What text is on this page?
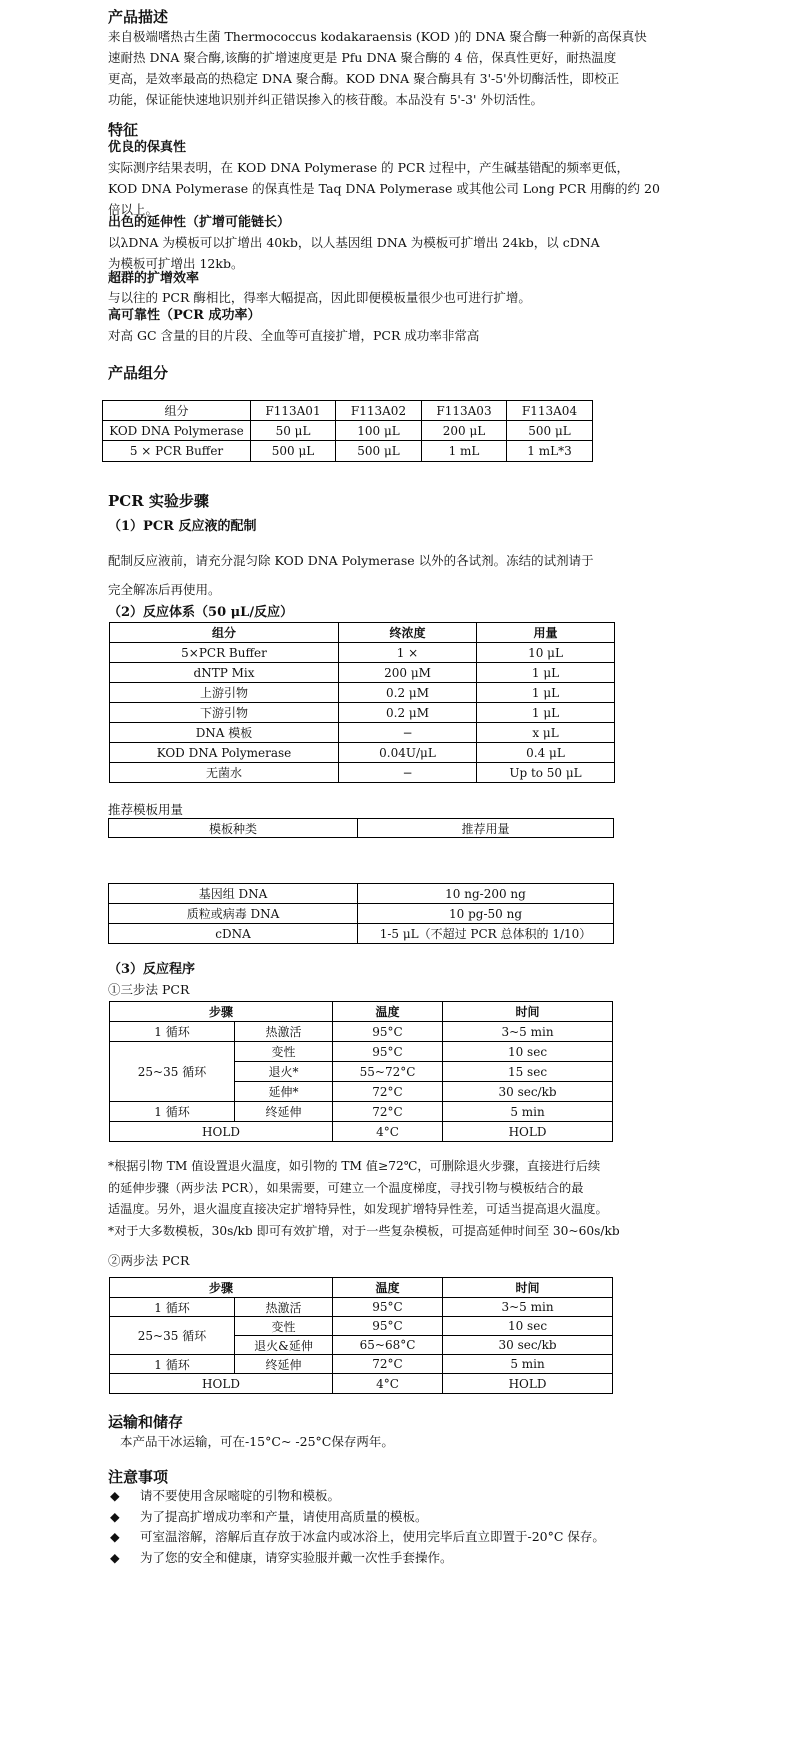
产品描述
来自极端嗜热古生菌 Thermococcus kodakaraensis (KOD )的 DNA 聚合酶一种新的高保真快
速耐热 DNA 聚合酶,该酶的扩增速度更是 Pfu DNA 聚合酶的 4 倍，保真性更好，耐热温度
更高，是效率最高的热稳定 DNA 聚合酶。KOD DNA 聚合酶具有 3'-5'外切酶活性，即校正
功能，保证能快速地识别并纠正错误掺入的核苷酸。本品没有 5'-3' 外切活性。
特征
优良的保真性
实际测序结果表明，在 KOD DNA Polymerase 的 PCR 过程中，产生碱基错配的频率更低，
KOD DNA Polymerase 的保真性是 Taq DNA Polymerase 或其他公司 Long PCR 用酶的约 20
倍以上。
出色的延伸性（扩增可能链长）
以λDNA 为模板可以扩增出 40kb，以人基因组 DNA 为模板可扩增出 24kb，以 cDNA
为模板可扩增出 12kb。
超群的扩增效率
与以往的 PCR 酶相比，得率大幅提高，因此即便模板量很少也可进行扩增。
高可靠性（PCR 成功率）
对高 GC 含量的目的片段、全血等可直接扩增，PCR 成功率非常高
产品组分
组分	F113A01	F113A02	F113A03	F113A04
KOD DNA Polymerase	50 μL	100 μL	200 μL	500 μL
5 × PCR Buffer	500 μL	500 μL	1 mL	1 mL*3
PCR 实验步骤
（1）PCR 反应液的配制
配制反应液前，请充分混匀除 KOD DNA Polymerase 以外的各试剂。冻结的试剂请于
完全解冻后再使用。
（2）反应体系（50 μL/反应）
组分	终浓度	用量
5×PCR Buffer	1 ×	10 μL
dNTP Mix	200 μM	1 μL
上游引物	0.2 μM	1 μL
下游引物	0.2 μM	1 μL
DNA 模板	−	x μL
KOD DNA Polymerase	0.04U/μL	0.4 μL
无菌水	−	Up to 50 μL
推荐模板用量
模板种类	推荐用量
基因组 DNA	10 ng-200 ng
质粒或病毒 DNA	10 pg-50 ng
cDNA	1-5 μL（不超过 PCR 总体积的 1/10）
（3）反应程序
①三步法 PCR
步骤		温度	时间
1 循环	热激活	95°C	3~5 min
25~35 循环	变性	95°C	10 sec
	退火*	55~72°C	15 sec
	延伸*	72°C	30 sec/kb
1 循环	终延伸	72°C	5 min
HOLD		4°C	HOLD
*根据引物 TM 值设置退火温度，如引物的 TM 值≥72℃，可删除退火步骤，直接进行后续
的延伸步骤（两步法 PCR），如果需要，可建立一个温度梯度，寻找引物与模板结合的最
适温度。另外，退火温度直接决定扩增特异性，如发现扩增特异性差，可适当提高退火温度。
*对于大多数模板，30s/kb 即可有效扩增，对于一些复杂模板，可提高延伸时间至 30~60s/kb
②两步法 PCR
步骤		温度	时间
1 循环	热激活	95°C	3~5 min
25~35 循环	变性	95°C	10 sec
	退火&延伸	65~68°C	30 sec/kb
1 循环	终延伸	72°C	5 min
HOLD		4°C	HOLD
运输和储存
本产品干冰运输，可在-15°C~ -25°C保存两年。
注意事项
◆ 请不要使用含尿嘧啶的引物和模板。
◆ 为了提高扩增成功率和产量，请使用高质量的模板。
◆ 可室温溶解，溶解后直存放于冰盒内或冰浴上，使用完毕后直立即置于-20°C 保存。
◆ 为了您的安全和健康，请穿实验服并戴一次性手套操作。
